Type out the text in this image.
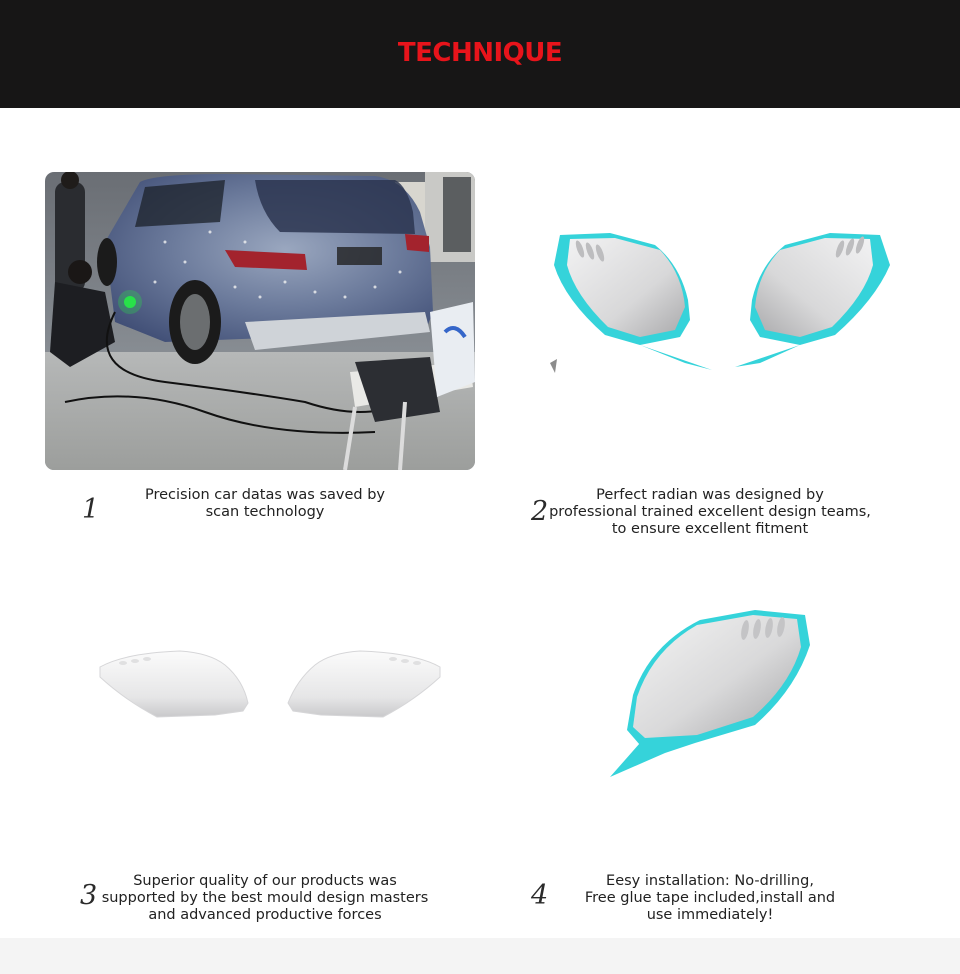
TECHNIQUE
1	Precision car datas was saved by
scan technology	2
Perfect radian was designed by
professional trained excellent design teams,
to ensure excellent fitment
3	Superior quality of our products was
supported by the best mould design masters
and advanced productive forces
4	Eesy installation: No-drilling,
Free glue tape included,install and
use immediately!
